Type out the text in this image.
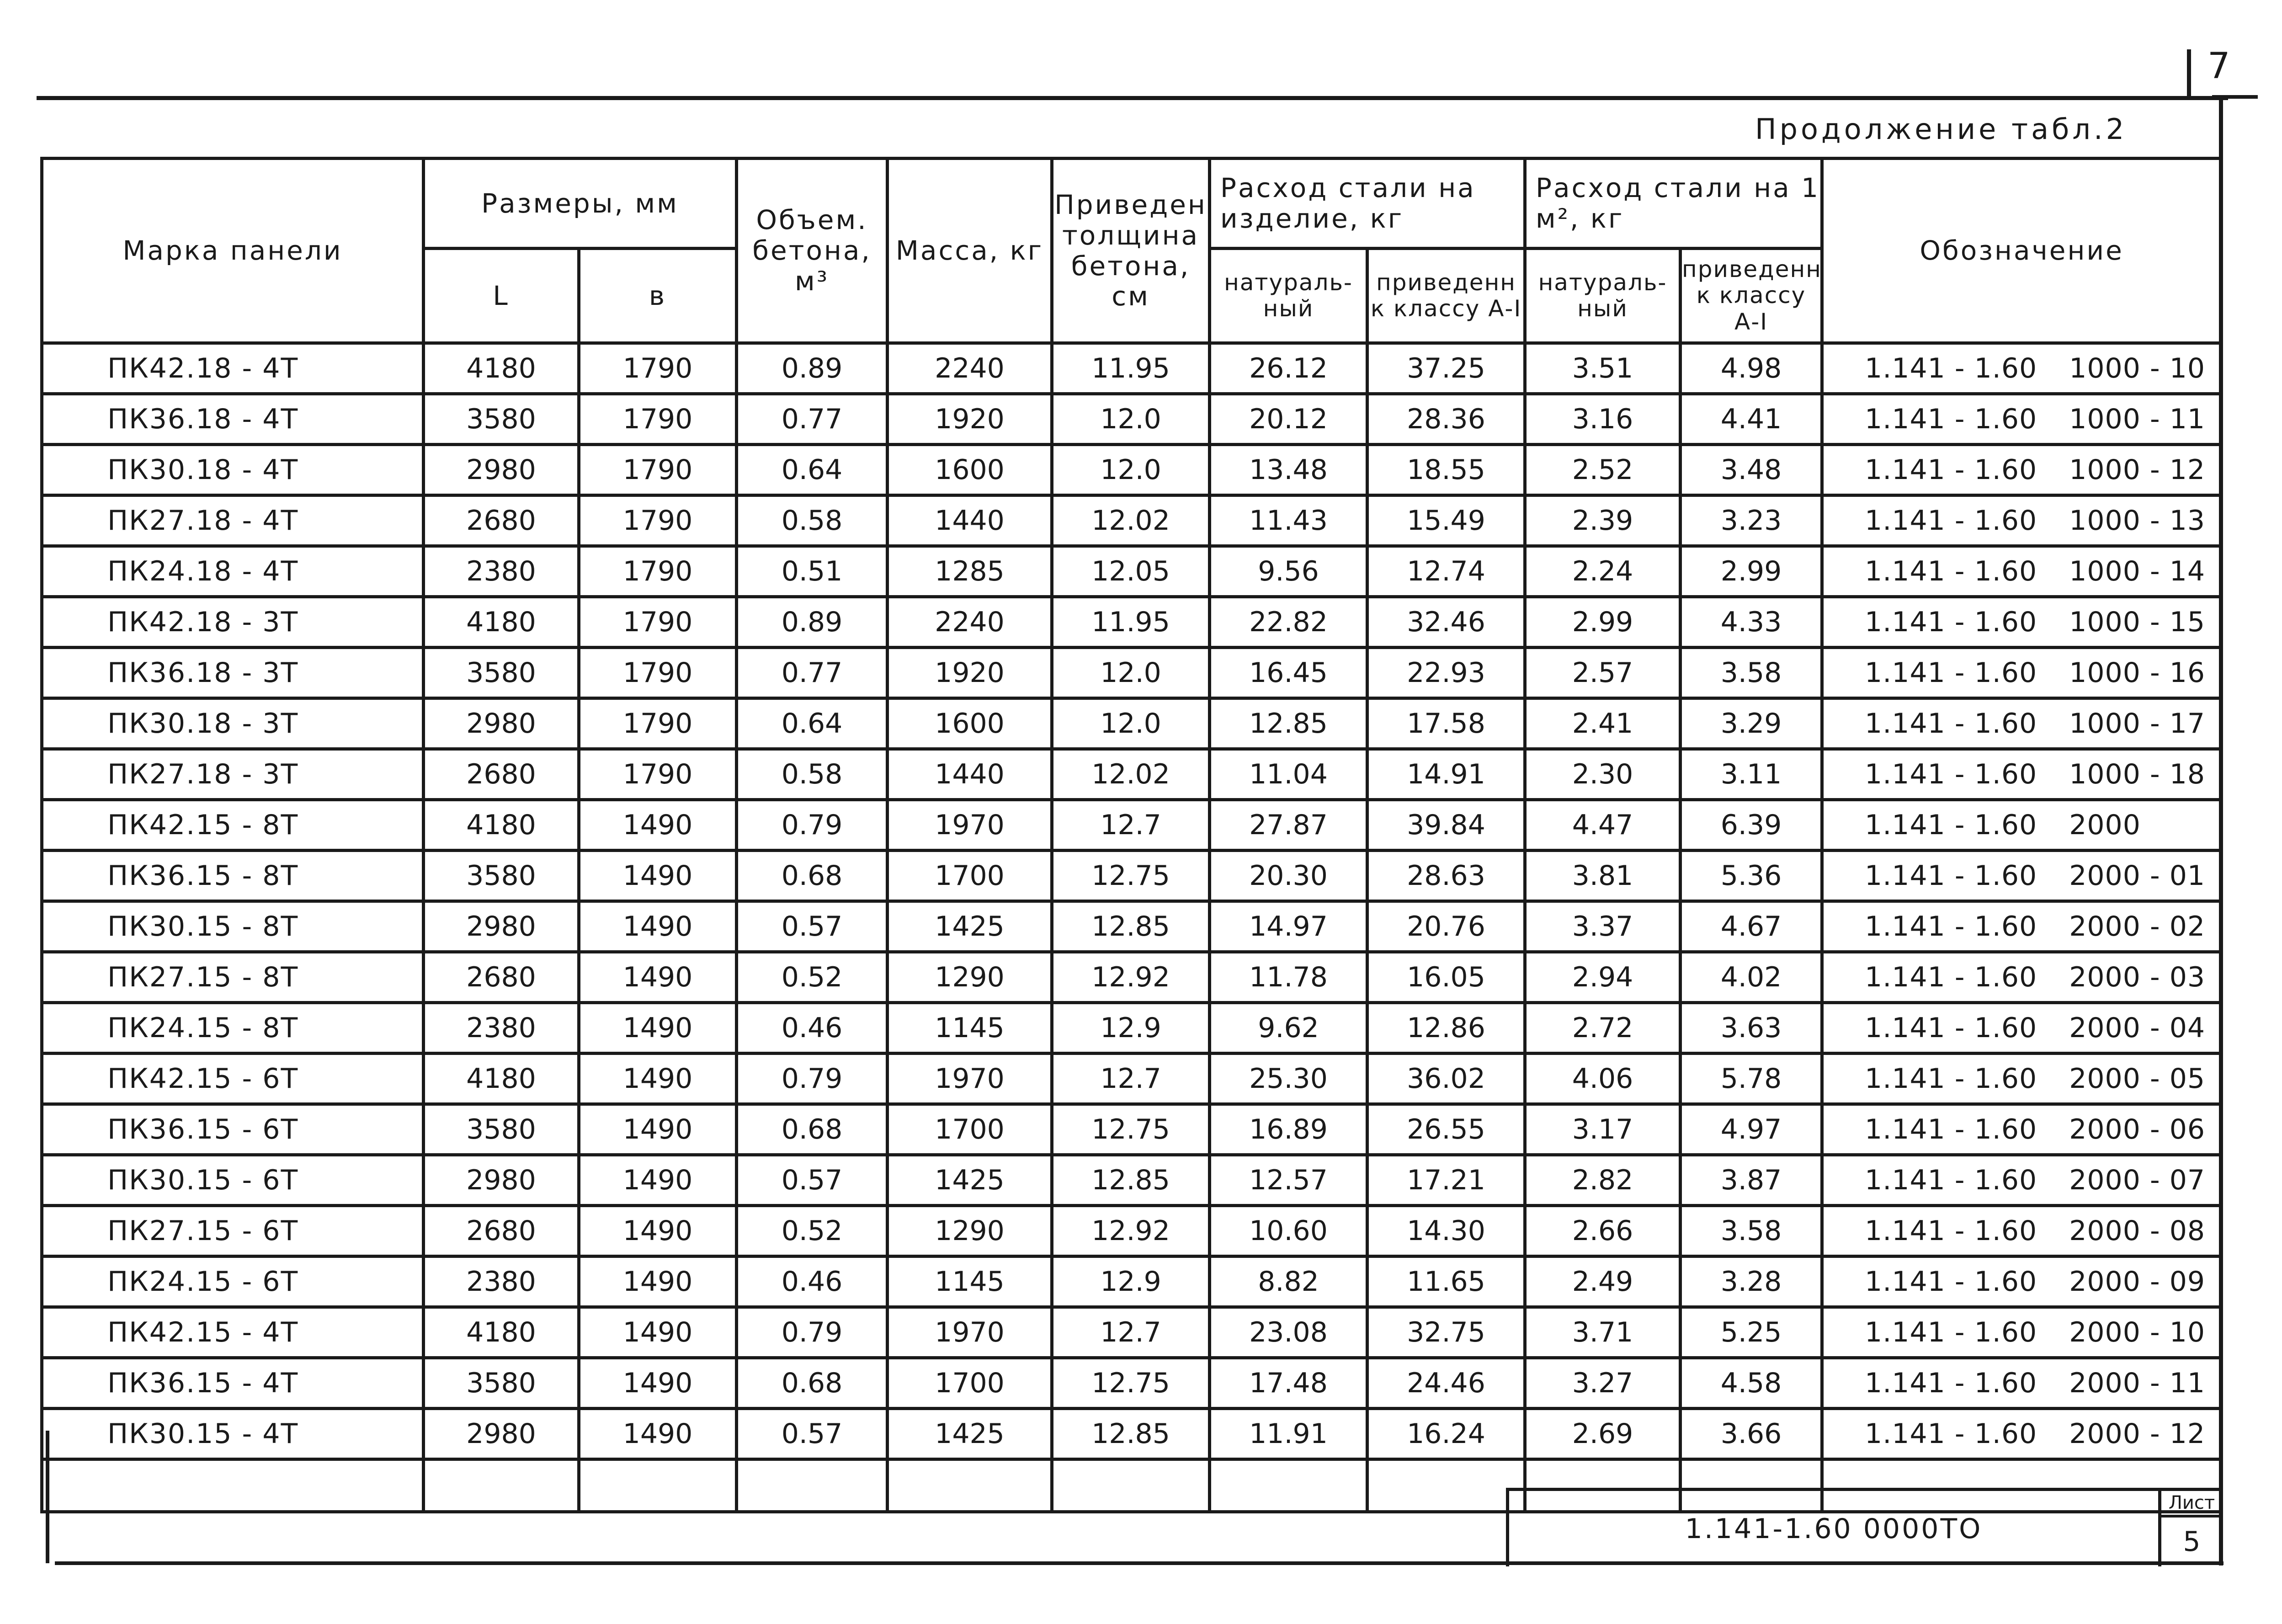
7
Продолжение табл.2
Марка панели	Размеры, мм		Объем. бетона, м³	Масса, кг	Приведен толщина бетона, см	Расход стали на изделие, кг		Расход стали на 1 м², кг		Обозначение
	L	в				натураль-ный	приведенн к классу А-I	натураль-ный	приведенн к классу А-I	
ПК42.18 - 4Т	4180	1790	0.89	2240	11.95	26.12	37.25	3.51	4.98	1.141 - 1.60 1000 - 10
ПК36.18 - 4Т	3580	1790	0.77	1920	12.0	20.12	28.36	3.16	4.41	1.141 - 1.60 1000 - 11
ПК30.18 - 4Т	2980	1790	0.64	1600	12.0	13.48	18.55	2.52	3.48	1.141 - 1.60 1000 - 12
ПК27.18 - 4Т	2680	1790	0.58	1440	12.02	11.43	15.49	2.39	3.23	1.141 - 1.60 1000 - 13
ПК24.18 - 4Т	2380	1790	0.51	1285	12.05	9.56	12.74	2.24	2.99	1.141 - 1.60 1000 - 14
ПК42.18 - 3Т	4180	1790	0.89	2240	11.95	22.82	32.46	2.99	4.33	1.141 - 1.60 1000 - 15
ПК36.18 - 3Т	3580	1790	0.77	1920	12.0	16.45	22.93	2.57	3.58	1.141 - 1.60 1000 - 16
ПК30.18 - 3Т	2980	1790	0.64	1600	12.0	12.85	17.58	2.41	3.29	1.141 - 1.60 1000 - 17
ПК27.18 - 3Т	2680	1790	0.58	1440	12.02	11.04	14.91	2.30	3.11	1.141 - 1.60 1000 - 18
ПК42.15 - 8Т	4180	1490	0.79	1970	12.7	27.87	39.84	4.47	6.39	1.141 - 1.60 2000
ПК36.15 - 8Т	3580	1490	0.68	1700	12.75	20.30	28.63	3.81	5.36	1.141 - 1.60 2000 - 01
ПК30.15 - 8Т	2980	1490	0.57	1425	12.85	14.97	20.76	3.37	4.67	1.141 - 1.60 2000 - 02
ПК27.15 - 8Т	2680	1490	0.52	1290	12.92	11.78	16.05	2.94	4.02	1.141 - 1.60 2000 - 03
ПК24.15 - 8Т	2380	1490	0.46	1145	12.9	9.62	12.86	2.72	3.63	1.141 - 1.60 2000 - 04
ПК42.15 - 6Т	4180	1490	0.79	1970	12.7	25.30	36.02	4.06	5.78	1.141 - 1.60 2000 - 05
ПК36.15 - 6Т	3580	1490	0.68	1700	12.75	16.89	26.55	3.17	4.97	1.141 - 1.60 2000 - 06
ПК30.15 - 6Т	2980	1490	0.57	1425	12.85	12.57	17.21	2.82	3.87	1.141 - 1.60 2000 - 07
ПК27.15 - 6Т	2680	1490	0.52	1290	12.92	10.60	14.30	2.66	3.58	1.141 - 1.60 2000 - 08
ПК24.15 - 6Т	2380	1490	0.46	1145	12.9	8.82	11.65	2.49	3.28	1.141 - 1.60 2000 - 09
ПК42.15 - 4Т	4180	1490	0.79	1970	12.7	23.08	32.75	3.71	5.25	1.141 - 1.60 2000 - 10
ПК36.15 - 4Т	3580	1490	0.68	1700	12.75	17.48	24.46	3.27	4.58	1.141 - 1.60 2000 - 11
ПК30.15 - 4Т	2980	1490	0.57	1425	12.85	11.91	16.24	2.69	3.66	1.141 - 1.60 2000 - 12

1.141-1.60 0000ТО
Лист
5
